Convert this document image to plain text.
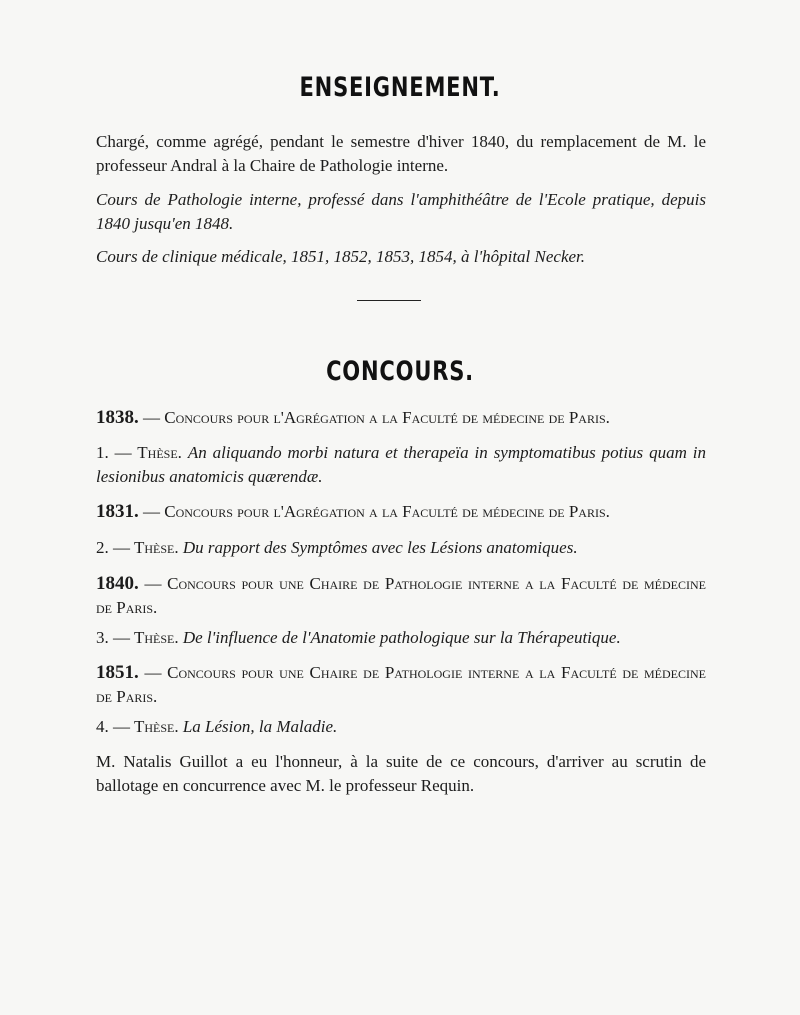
ENSEIGNEMENT.

Chargé, comme agrégé, pendant le semestre d'hiver 1840, du remplacement de M. le professeur Andral à la Chaire de Pathologie interne.

Cours de Pathologie interne, professé dans l'amphithéâtre de l'Ecole pratique, depuis 1840 jusqu'en 1848.

Cours de clinique médicale, 1851, 1852, 1853, 1854, à l'hôpital Necker.

CONCOURS.

1838. — Concours pour l'Agrégation a la Faculté de médecine de Paris.

1. — Thèse. An aliquando morbi natura et therapeïa in symptomatibus potius quam in lesionibus anatomicis quærendæ.

1831. — Concours pour l'Agrégation a la Faculté de médecine de Paris.

2. — Thèse. Du rapport des Symptômes avec les Lésions anatomiques.

1840. — Concours pour une Chaire de Pathologie interne a la Faculté de médecine de Paris.

3. — Thèse. De l'influence de l'Anatomie pathologique sur la Thérapeutique.

1851. — Concours pour une Chaire de Pathologie interne a la Faculté de médecine de Paris.

4. — Thèse. La Lésion, la Maladie.

M. Natalis Guillot a eu l'honneur, à la suite de ce concours, d'arriver au scrutin de ballotage en concurrence avec M. le professeur Requin.
